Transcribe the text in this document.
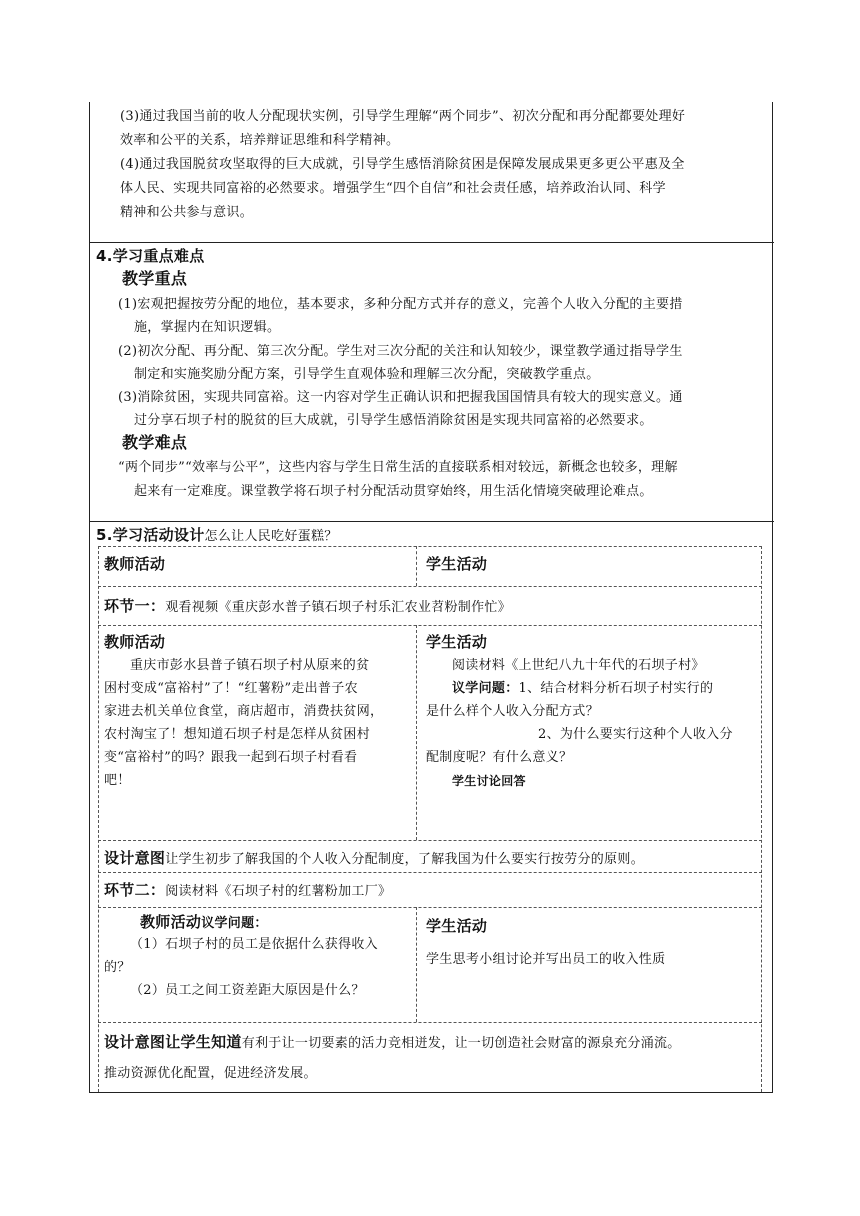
(3)通过我国当前的收人分配现状实例，引导学生理解“两个同步”、初次分配和再分配都要处理好
效率和公平的关系，培养辩证思维和科学精神。
(4)通过我国脱贫攻坚取得的巨大成就，引导学生感悟消除贫困是保障发展成果更多更公平惠及全
体人民、实现共同富裕的必然要求。增强学生“四个自信”和社会责任感，培养政治认同、科学
精神和公共参与意识。
4.学习重点难点
教学重点
(1)宏观把握按劳分配的地位，基本要求，多种分配方式并存的意义，完善个人收入分配的主要措
施，掌握内在知识逻辑。
(2)初次分配、再分配、第三次分配。学生对三次分配的关注和认知较少，课堂教学通过指导学生
制定和实施奖励分配方案，引导学生直观体验和理解三次分配，突破教学重点。
(3)消除贫困，实现共同富裕。这一内容对学生正确认识和把握我国国情具有较大的现实意义。通
过分享石坝子村的脱贫的巨大成就，引导学生感悟消除贫困是实现共同富裕的必然要求。
教学难点
“两个同步”“效率与公平”，这些内容与学生日常生活的直接联系相对较远，新概念也较多，理解
起来有一定难度。课堂教学将石坝子村分配活动贯穿始终，用生活化情境突破理论难点。
5.学习活动设计怎么让人民吃好蛋糕？
教师活动	学生活动
环节一：观看视频《重庆彭水普子镇石坝子村乐汇农业苕粉制作忙》
教师活动
重庆市彭水县普子镇石坝子村从原来的贫
困村变成“富裕村”了！“红薯粉”走出普子农
家进去机关单位食堂，商店超市，消费扶贫网，
农村淘宝了！想知道石坝子村是怎样从贫困村
变“富裕村”的吗？跟我一起到石坝子村看看
吧！
学生活动
阅读材料《上世纪八九十年代的石坝子村》
议学问题：1、结合材料分析石坝子村实行的
是什么样个人收入分配方式？
2、为什么要实行这种个人收入分
配制度呢？有什么意义？
学生讨论回答
设计意图让学生初步了解我国的个人收入分配制度，了解我国为什么要实行按劳分的原则。
环节二：阅读材料《石坝子村的红薯粉加工厂》
教师活动议学问题：
（1）石坝子村的员工是依据什么获得收入
的？
（2）员工之间工资差距大原因是什么？
学生活动
学生思考小组讨论并写出员工的收入性质
设计意图让学生知道有利于让一切要素的活力竞相迸发，让一切创造社会财富的源泉充分涌流。
推动资源优化配置，促进经济发展。
